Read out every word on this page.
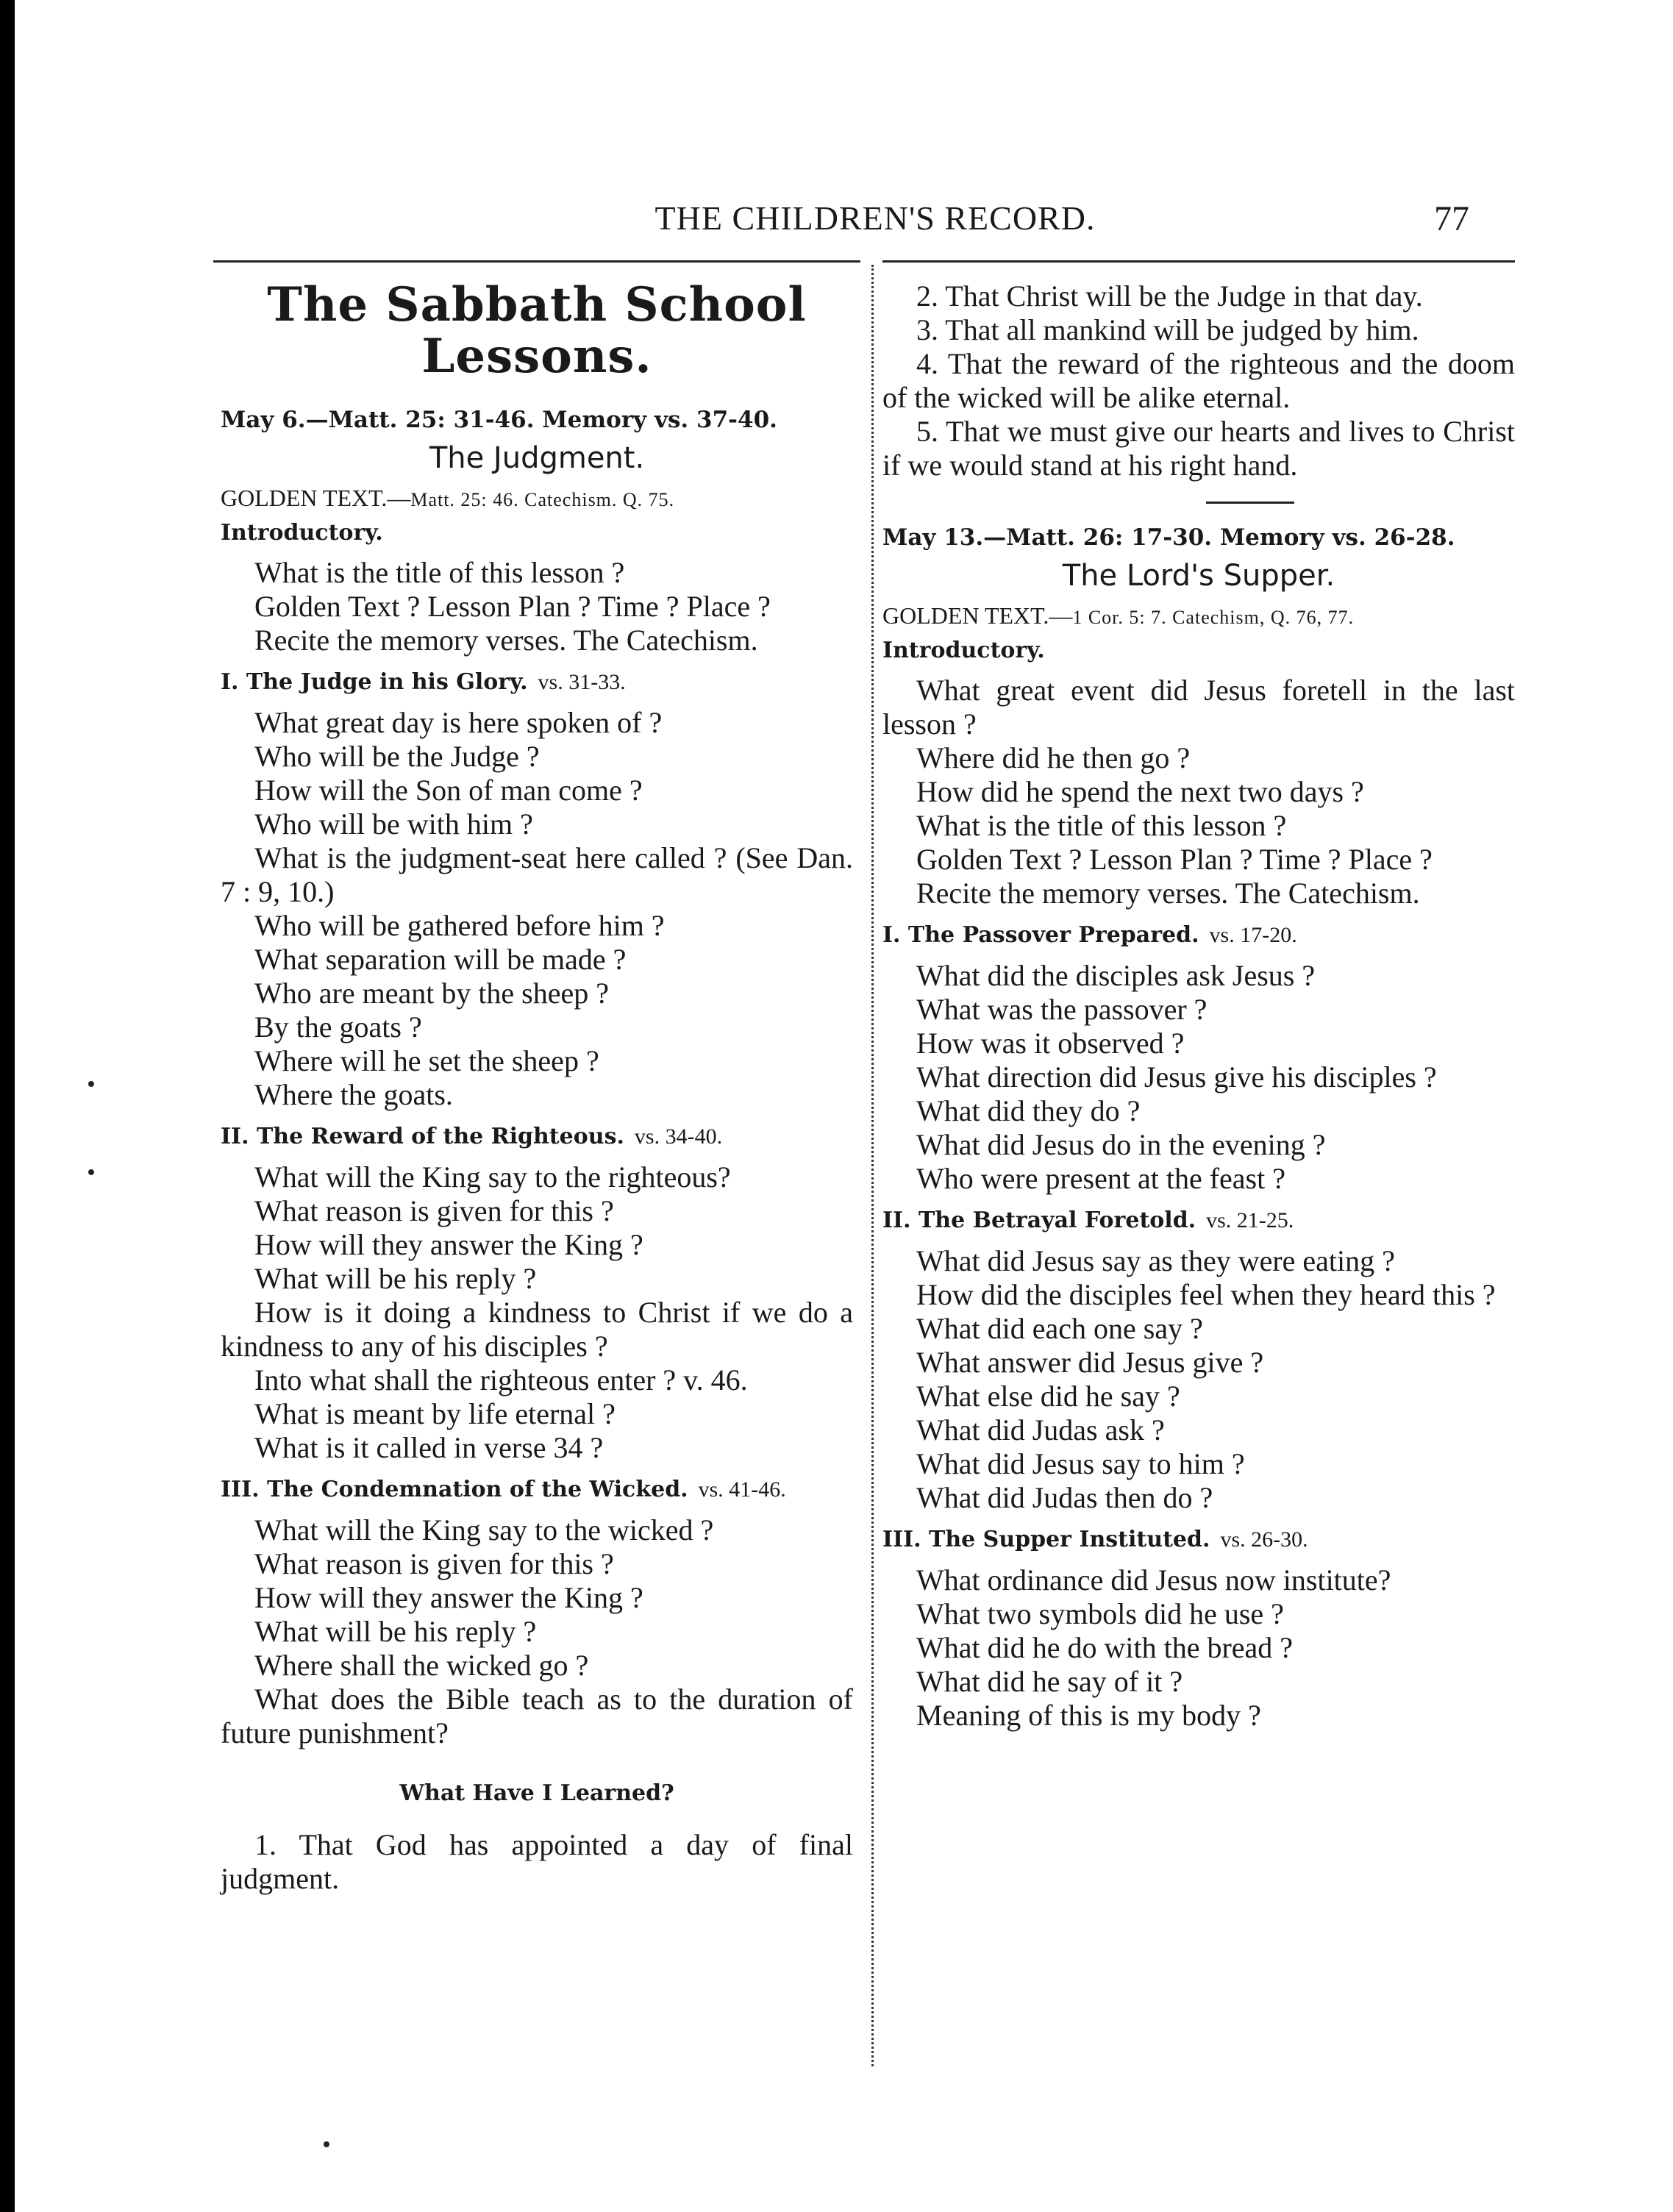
THE CHILDREN'S RECORD.	77

The Sabbath School Lessons.

May 6.—Matt. 25: 31-46. Memory vs. 37-40.

The Judgment.

GOLDEN TEXT.—Matt. 25: 46. Catechism. Q. 75.

Introductory.

What is the title of this lesson ?

Golden Text ? Lesson Plan ? Time ? Place ?

Recite the memory verses. The Catechism.

I. The Judge in his Glory. vs. 31-33.

What great day is here spoken of ?

Who will be the Judge ?

How will the Son of man come ?

Who will be with him ?

What is the judgment-seat here called ? (See Dan. 7 : 9, 10.)

Who will be gathered before him ?

What separation will be made ?

Who are meant by the sheep ?

By the goats ?

Where will he set the sheep ?

Where the goats.

II. The Reward of the Righteous. vs. 34-40.

What will the King say to the righteous?

What reason is given for this ?

How will they answer the King ?

What will be his reply ?

How is it doing a kindness to Christ if we do a kindness to any of his disciples ?

Into what shall the righteous enter ? v. 46.

What is meant by life eternal ?

What is it called in verse 34 ?

III. The Condemnation of the Wicked. vs. 41-46.

What will the King say to the wicked ?

What reason is given for this ?

How will they answer the King ?

What will be his reply ?

Where shall the wicked go ?

What does the Bible teach as to the duration of future punishment?

What Have I Learned?

1. That God has appointed a day of final judgment.

2. That Christ will be the Judge in that day.

3. That all mankind will be judged by him.

4. That the reward of the righteous and the doom of the wicked will be alike eternal.

5. That we must give our hearts and lives to Christ if we would stand at his right hand.

May 13.—Matt. 26: 17-30. Memory vs. 26-28.

The Lord's Supper.

GOLDEN TEXT.—1 Cor. 5: 7. Catechism, Q. 76, 77.

Introductory.

What great event did Jesus foretell in the last lesson ?

Where did he then go ?

How did he spend the next two days ?

What is the title of this lesson ?

Golden Text ? Lesson Plan ? Time ? Place ?

Recite the memory verses. The Catechism.

I. The Passover Prepared. vs. 17-20.

What did the disciples ask Jesus ?

What was the passover ?

How was it observed ?

What direction did Jesus give his disciples ?

What did they do ?

What did Jesus do in the evening ?

Who were present at the feast ?

II. The Betrayal Foretold. vs. 21-25.

What did Jesus say as they were eating ?

How did the disciples feel when they heard this ?

What did each one say ?

What answer did Jesus give ?

What else did he say ?

What did Judas ask ?

What did Jesus say to him ?

What did Judas then do ?

III. The Supper Instituted. vs. 26-30.

What ordinance did Jesus now institute?

What two symbols did he use ?

What did he do with the bread ?

What did he say of it ?

Meaning of this is my body ?
